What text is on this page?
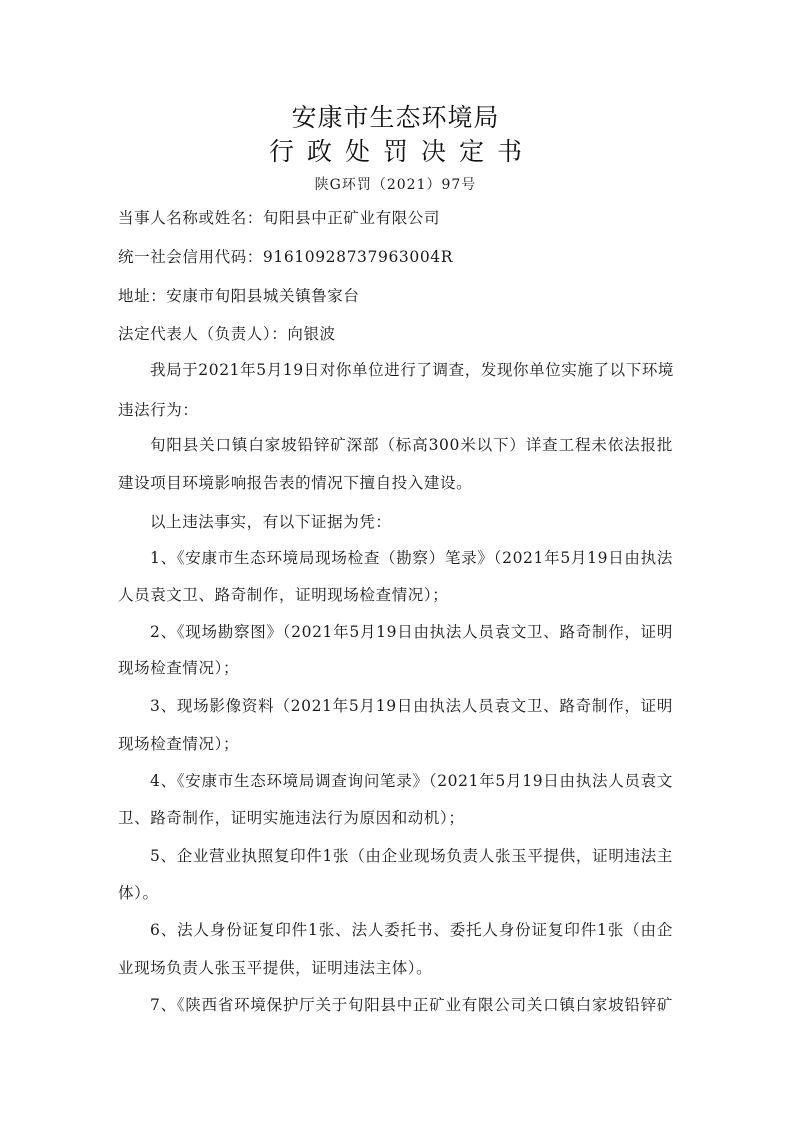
安康市生态环境局
行政处罚决定书
陕G环罚（2021）97号
当事人名称或姓名：旬阳县中正矿业有限公司
统一社会信用代码：91610928737963004R
地址：安康市旬阳县城关镇鲁家台
法定代表人（负责人）：向银波
我局于2021年5月19日对你单位进行了调查，发现你单位实施了以下环境
违法行为：
旬阳县关口镇白家坡铅锌矿深部（标高300米以下）详查工程未依法报批
建设项目环境影响报告表的情况下擅自投入建设。
以上违法事实，有以下证据为凭：
1、《安康市生态环境局现场检查（勘察）笔录》（2021年5月19日由执法
人员袁文卫、路奇制作，证明现场检查情况）；
2、《现场勘察图》（2021年5月19日由执法人员袁文卫、路奇制作，证明
现场检查情况）；
3、现场影像资料（2021年5月19日由执法人员袁文卫、路奇制作，证明
现场检查情况）；
4、《安康市生态环境局调查询问笔录》（2021年5月19日由执法人员袁文
卫、路奇制作，证明实施违法行为原因和动机）；
5、企业营业执照复印件1张（由企业现场负责人张玉平提供，证明违法主
体）。
6、法人身份证复印件1张、法人委托书、委托人身份证复印件1张（由企
业现场负责人张玉平提供，证明违法主体）。
7、《陕西省环境保护厅关于旬阳县中正矿业有限公司关口镇白家坡铅锌矿
